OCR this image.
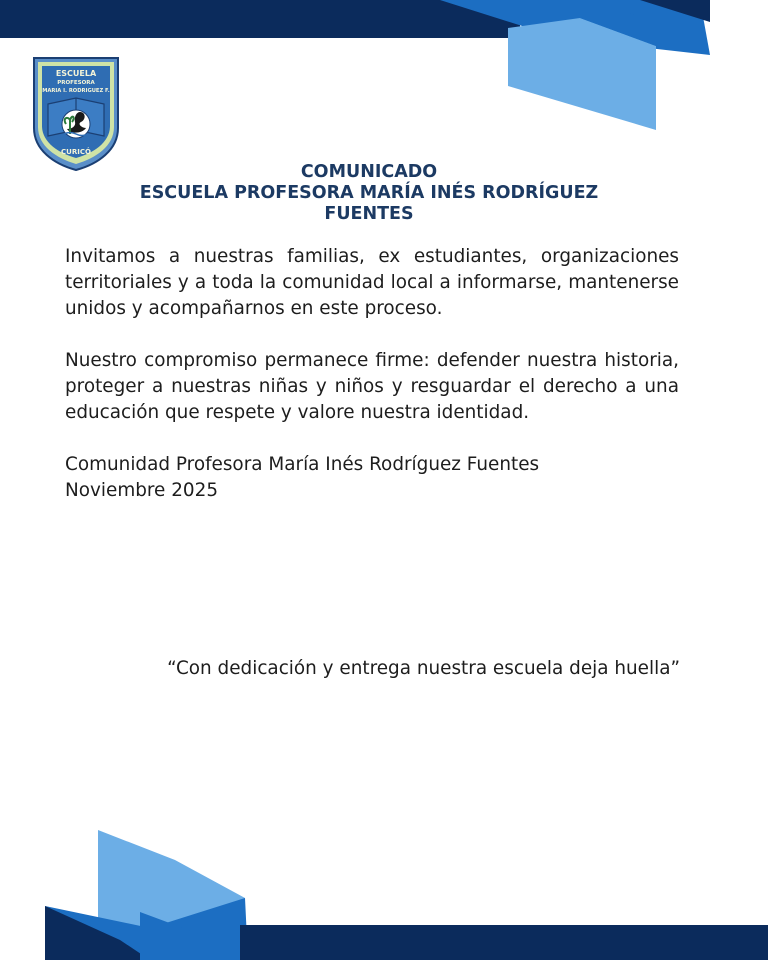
ESCUELA
PROFESORA
MARIA I. RODRIGUEZ F.
CURICÓ
COMUNICADO
ESCUELA PROFESORA MARÍA INÉS RODRÍGUEZ
FUENTES

Invitamos a nuestras familias, ex estudiantes, organizaciones territoriales y a toda la comunidad local a informarse, mantenerse unidos y acompañarnos en este proceso.

Nuestro compromiso permanece firme: defender nuestra historia, proteger a nuestras niñas y niños y resguardar el derecho a una educación que respete y valore nuestra identidad.

Comunidad Profesora María Inés Rodríguez Fuentes

Noviembre 2025

“Con dedicación y entrega nuestra escuela deja huella”
